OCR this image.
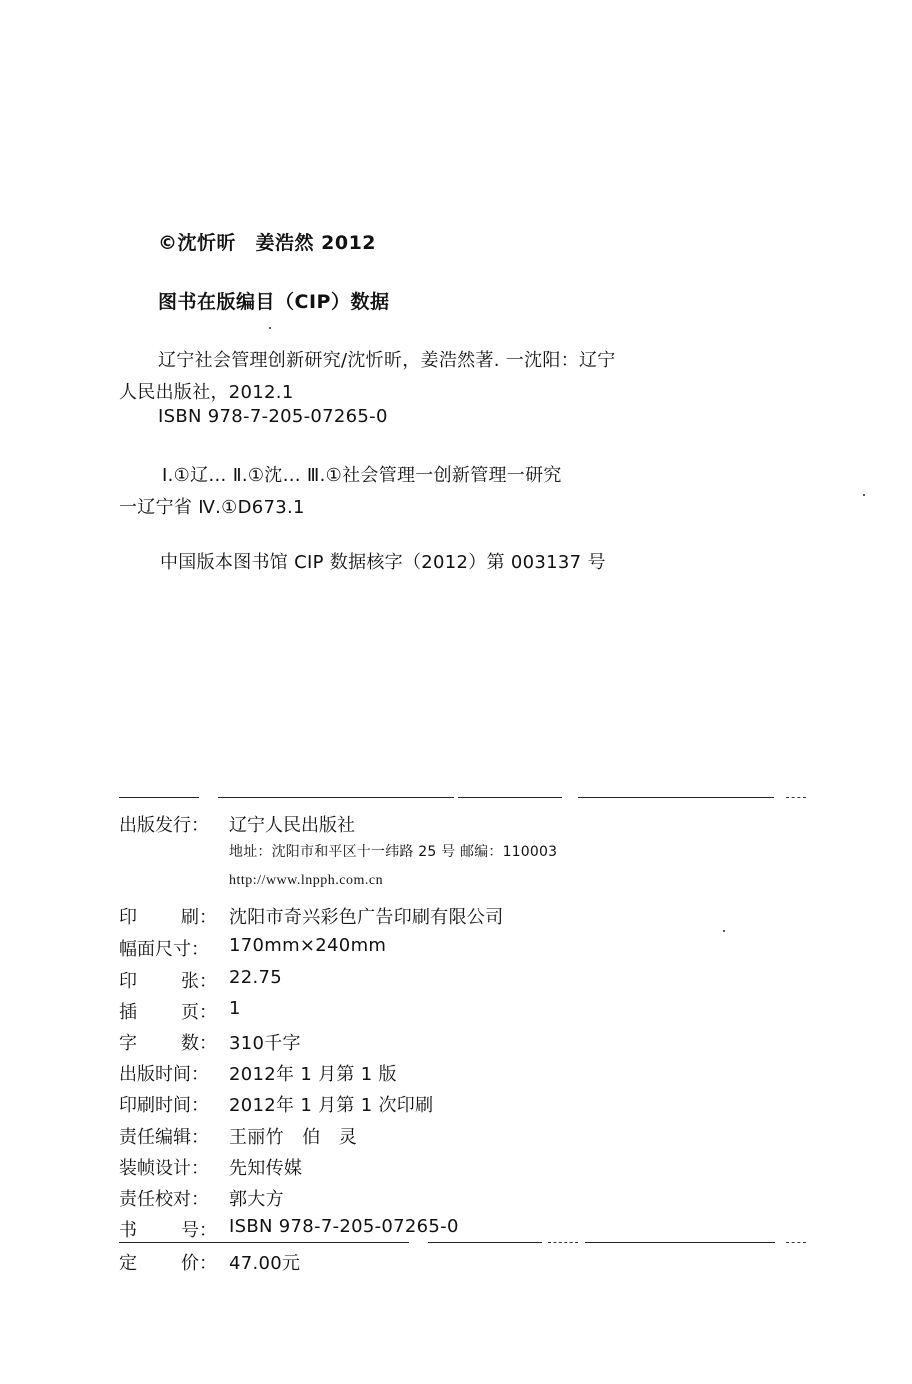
©沈忻昕　姜浩然 2012
图书在版编目（CIP）数据
辽宁社会管理创新研究/沈忻昕，姜浩然著. 一沈阳：辽宁
人民出版社，2012.1
ISBN 978-7-205-07265-0
Ⅰ.①辽… Ⅱ.①沈… Ⅲ.①社会管理一创新管理一研究
一辽宁省 Ⅳ.①D673.1
中国版本图书馆 CIP 数据核字（2012）第 003137 号
出版发行： 辽宁人民出版社
地址：沈阳市和平区十一纬路 25 号 邮编：110003
http://www.lnpph.com.cn
印 刷： 沈阳市奇兴彩色广告印刷有限公司
幅面尺寸： 170mm×240mm
印 张： 22.75
插 页： 1
字 数： 310千字
出版时间： 2012年 1 月第 1 版
印刷时间： 2012年 1 月第 1 次印刷
责任编辑： 王丽竹　伯　灵
装帧设计： 先知传媒
责任校对： 郭大方
书 号： ISBN 978-7-205-07265-0
定 价： 47.00元
